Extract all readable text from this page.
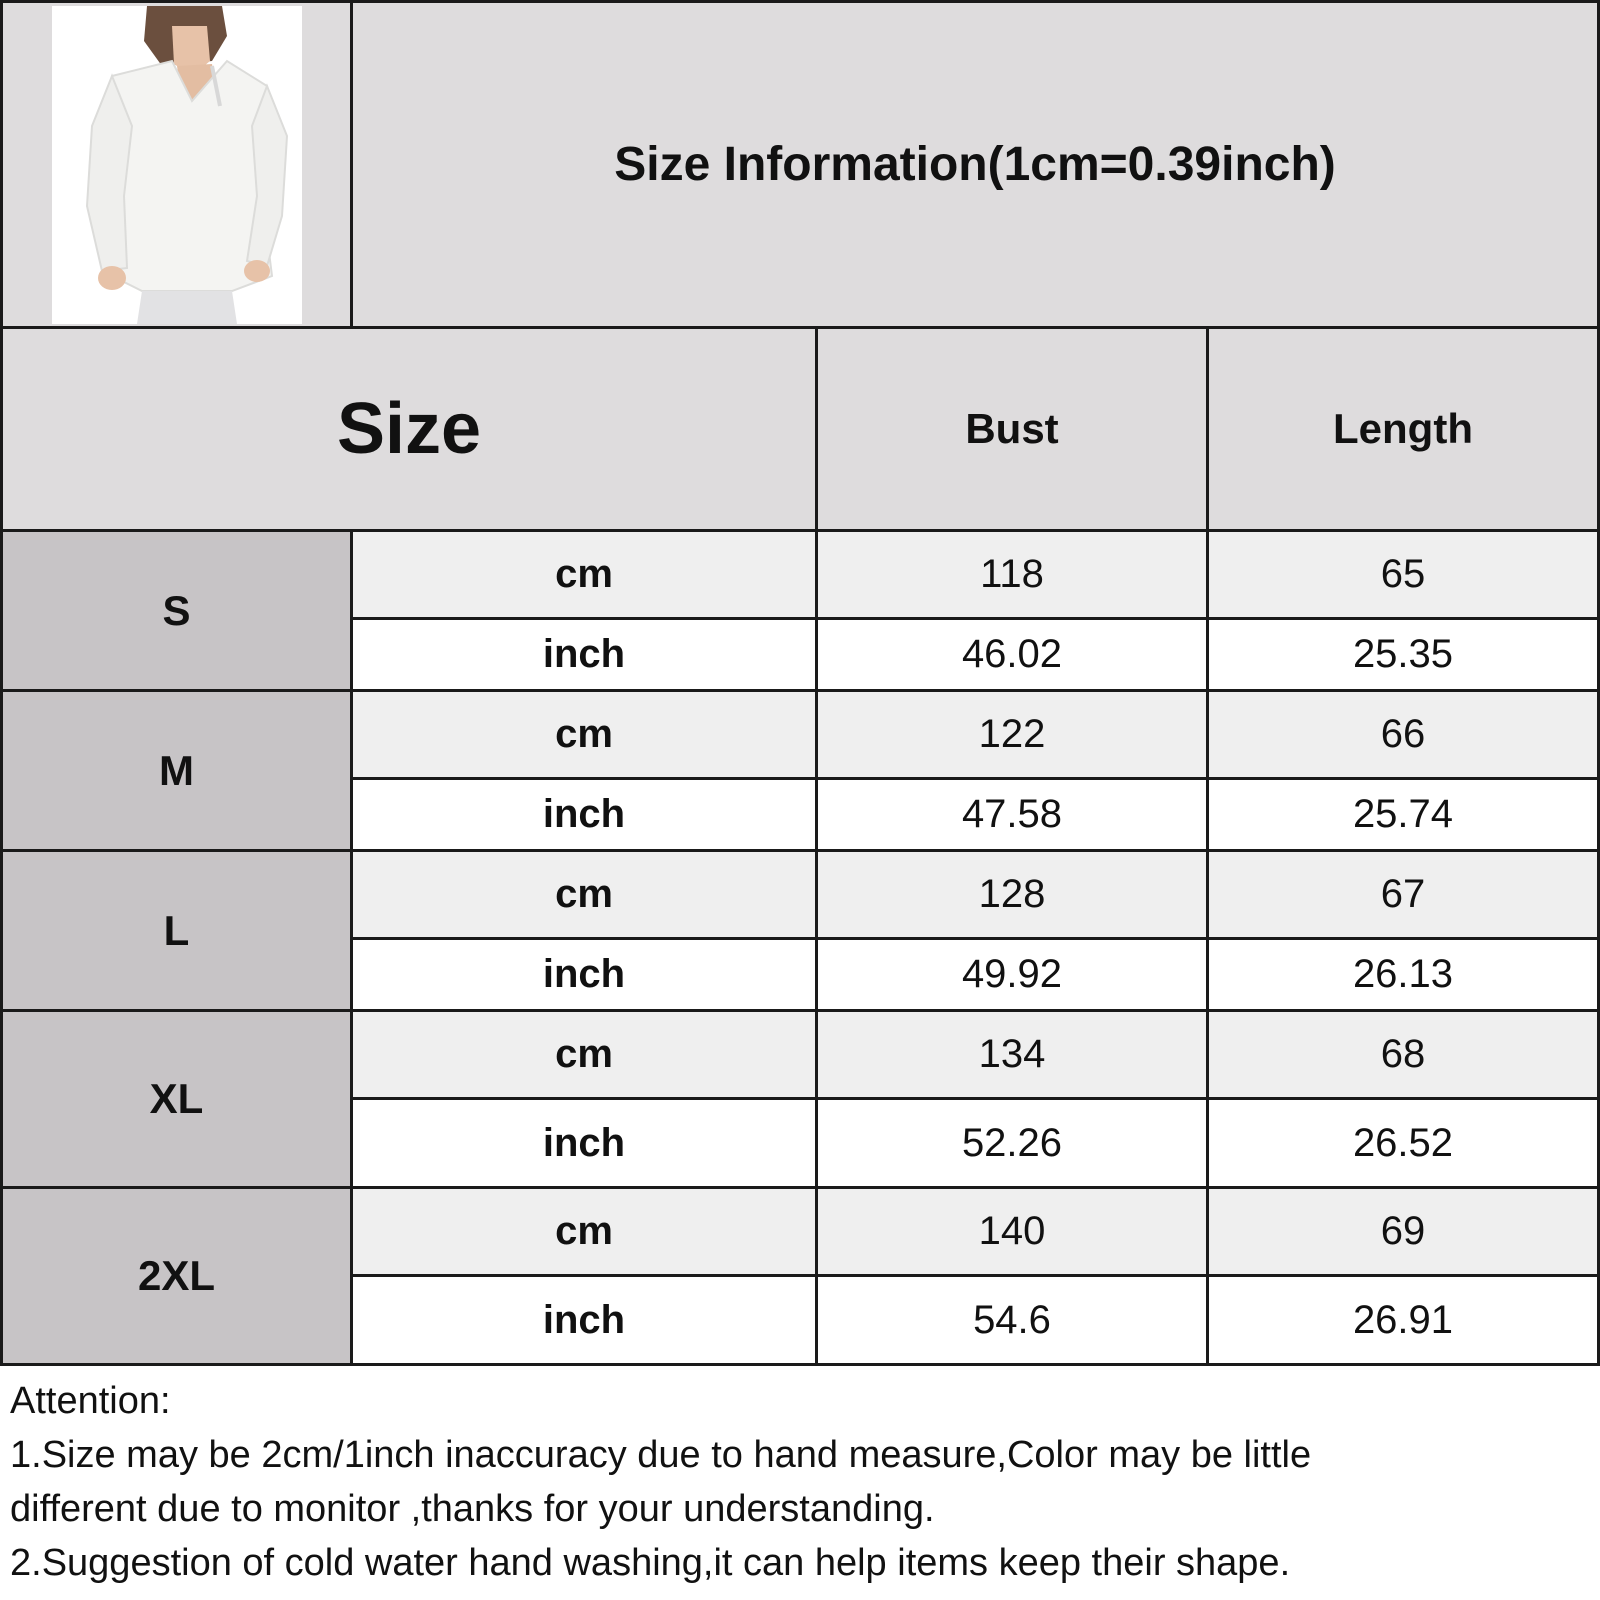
Size Information(1cm=0.39inch)
Size	Bust	Length
S
cm	118	65
inch	46.02	25.35
M
cm	122	66
inch	47.58	25.74
L
cm	128	67
inch	49.92	26.13
XL
cm	134	68
inch	52.26	26.52
2XL
cm	140	69
inch	54.6	26.91
Attention:
1.Size may be 2cm/1inch inaccuracy due to hand measure,Color may be little
different due to monitor ,thanks for your understanding.
2.Suggestion of cold water hand washing,it can help items keep their shape.
